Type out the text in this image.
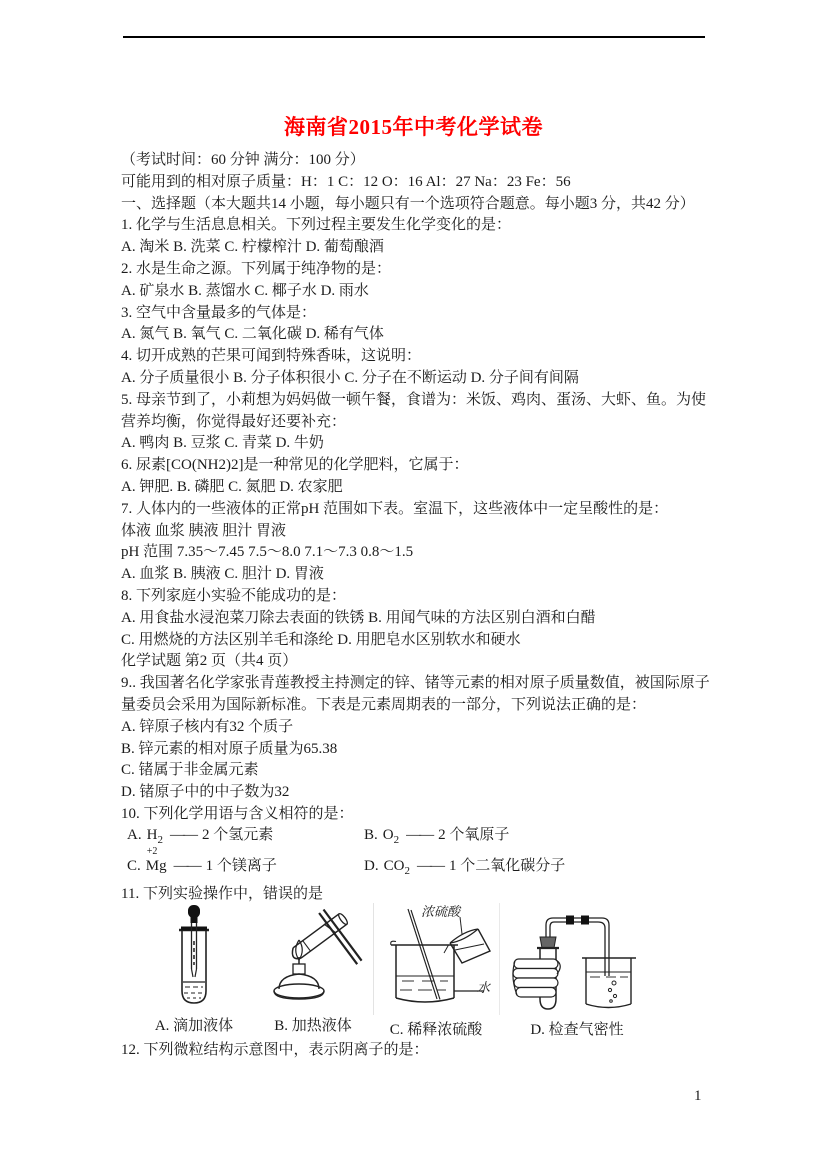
海南省2015年中考化学试卷
（考试时间：60 分钟 满分：100 分）
可能用到的相对原子质量：H：1 C：12 O：16 Al：27 Na：23 Fe：56
一、选择题（本大题共14 小题，每小题只有一个选项符合题意。每小题3 分，共42 分）
1. 化学与生活息息相关。下列过程主要发生化学变化的是：
A. 淘米 B. 洗菜 C. 柠檬榨汁 D. 葡萄酿酒
2. 水是生命之源。下列属于纯净物的是：
A. 矿泉水 B. 蒸馏水 C. 椰子水 D. 雨水
3. 空气中含量最多的气体是：
A. 氮气 B. 氧气 C. 二氧化碳 D. 稀有气体
4. 切开成熟的芒果可闻到特殊香味，这说明：
A. 分子质量很小 B. 分子体积很小 C. 分子在不断运动 D. 分子间有间隔
5. 母亲节到了，小莉想为妈妈做一顿午餐，食谱为：米饭、鸡肉、蛋汤、大虾、鱼。为使
营养均衡，你觉得最好还要补充：
A. 鸭肉 B. 豆浆 C. 青菜 D. 牛奶
6. 尿素[CO(NH2)2]是一种常见的化学肥料，它属于：
A. 钾肥. B. 磷肥 C. 氮肥 D. 农家肥
7. 人体内的一些液体的正常pH 范围如下表。室温下，这些液体中一定呈酸性的是：
体液 血浆 胰液 胆汁 胃液
pH 范围 7.35～7.45 7.5～8.0 7.1～7.3 0.8～1.5
A. 血浆 B. 胰液 C. 胆汁 D. 胃液
8. 下列家庭小实验不能成功的是：
A. 用食盐水浸泡菜刀除去表面的铁锈 B. 用闻气味的方法区别白酒和白醋
C. 用燃烧的方法区别羊毛和涤纶 D. 用肥皂水区别软水和硬水
化学试题 第2 页（共4 页）
9.. 我国著名化学家张青莲教授主持测定的锌、锗等元素的相对原子质量数值，被国际原子
量委员会采用为国际新标准。下表是元素周期表的一部分，下列说法正确的是：
A. 锌原子核内有32 个质子
B. 锌元素的相对原子质量为65.38
C. 锗属于非金属元素
D. 锗原子中的中子数为32
10. 下列化学用语与含义相符的是：
A. $H_2$ —— 2 个氢元素	B. $O_2$ —— 2 个氧原子
C.
+2
Mg —— 1 个镁离子	D. $CO_2$ —— 1 个二氧化碳分子
11. 下列实验操作中，错误的是
A. 滴加液体	B. 加热液体
浓硫酸
水
C. 稀释浓硫酸	D. 检查气密性
12. 下列微粒结构示意图中，表示阴离子的是：
1
